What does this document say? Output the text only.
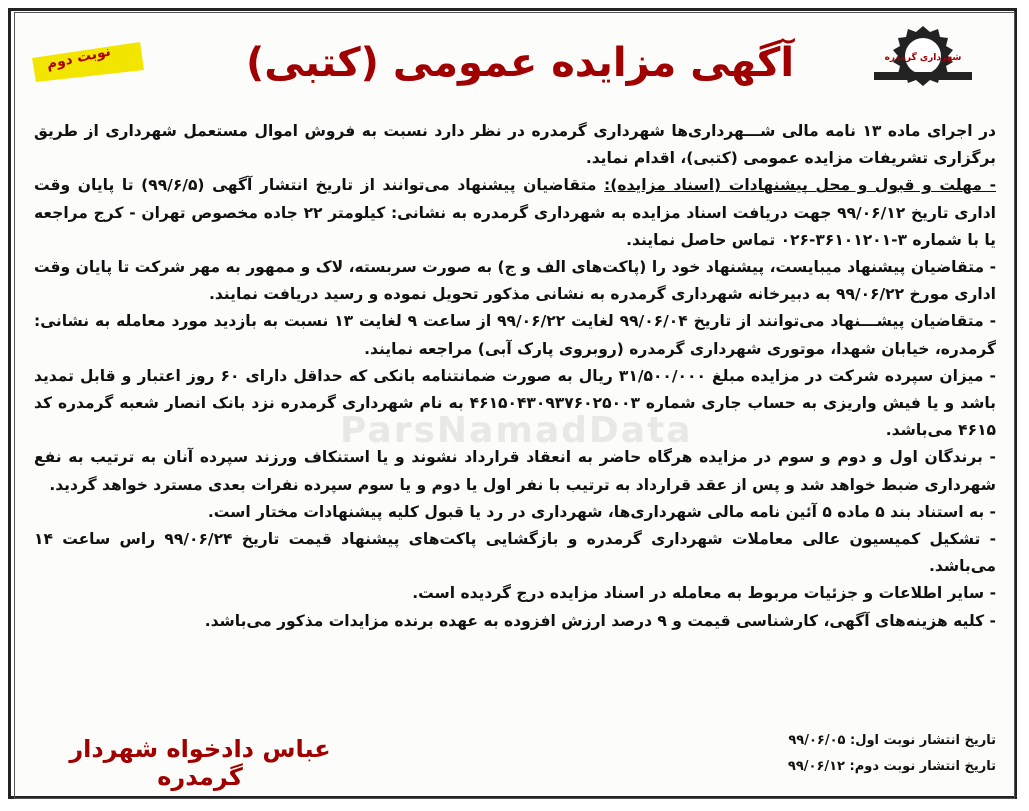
ParsNamadData
شهرداری گرمدره
نوبت دوم	آگهی مزایده عمومی (کتبی)

در اجرای ماده ۱۳ نامه مالی شـــهرداری‌ها شهرداری گرمدره در نظر دارد نسبت به فروش اموال مستعمل شهرداری از طریق برگزاری تشریفات مزایده عمومی (کتبی)، اقدام نماید.

- مهلت و قبول و محل پیشنهادات (اسناد مزایده): متقاضیان پیشنهاد می‌توانند از تاریخ انتشار آگهی (۹۹/۶/۵) تا پایان وقت اداری تاریخ ۹۹/۰۶/۱۲ جهت دریافت اسناد مزایده به شهرداری گرمدره به نشانی: کیلومتر ۲۲ جاده مخصوص تهران - کرج مراجعه یا با شماره ۳-۳۶۱۰۱۲۰۱-۰۲۶ تماس حاصل نمایند.

- متقاضیان پیشنهاد میبایست، پیشنهاد خود را (پاکت‌های الف و ج) به صورت سربسته، لاک و ممهور به مهر شرکت تا پایان وقت اداری مورخ ۹۹/۰۶/۲۲ به دبیرخانه شهرداری گرمدره به نشانی مذکور تحویل نموده و رسید دریافت نمایند.

- متقاضیان پیشـــنهاد می‌توانند از تاریخ ۹۹/۰۶/۰۴ لغایت ۹۹/۰۶/۲۲ از ساعت ۹ لغایت ۱۳ نسبت به بازدید مورد معامله به نشانی: گرمدره، خیابان شهدا، موتوری شهرداری گرمدره (روبروی پارک آبی) مراجعه نمایند.

- میزان سپرده شرکت در مزایده مبلغ ۳۱/۵۰۰/۰۰۰ ریال به صورت ضمانتنامه بانکی که حداقل دارای ۶۰ روز اعتبار و قابل تمدید باشد و یا فیش واریزی به حساب جاری شماره ۴۶۱۵۰۴۳۰۹۳۷۶۰۲۵۰۰۳ به نام شهرداری گرمدره نزد بانک انصار شعبه گرمدره کد ۴۶۱۵ می‌باشد.

- برندگان اول و دوم و سوم در مزایده هرگاه حاضر به انعقاد قرارداد نشوند و یا استنکاف ورزند سپرده آنان به ترتیب به نفع شهرداری ضبط خواهد شد و پس از عقد قرارداد به ترتیب با نفر اول یا دوم و یا سوم سپرده نفرات بعدی مسترد خواهد گردید.

- به استناد بند ۵ ماده ۵ آئین نامه مالی شهرداری‌ها، شهرداری در رد یا قبول کلیه پیشنهادات مختار است.

- تشکیل کمیسیون عالی معاملات شهرداری گرمدره و بازگشایی پاکت‌های پیشنهاد قیمت تاریخ ۹۹/۰۶/۲۴ راس ساعت ۱۴ می‌باشد.

- سایر اطلاعات و جزئیات مربوط به معامله در اسناد مزایده درج گردیده است.

- کلیه هزینه‌های آگهی، کارشناسی قیمت و ۹ درصد ارزش افزوده به عهده برنده مزایدات مذکور می‌باشد.

تاریخ انتشار نوبت اول: ۹۹/۰۶/۰۵
تاریخ انتشار نوبت دوم: ۹۹/۰۶/۱۲
عباس دادخواه شهردار گرمدره
